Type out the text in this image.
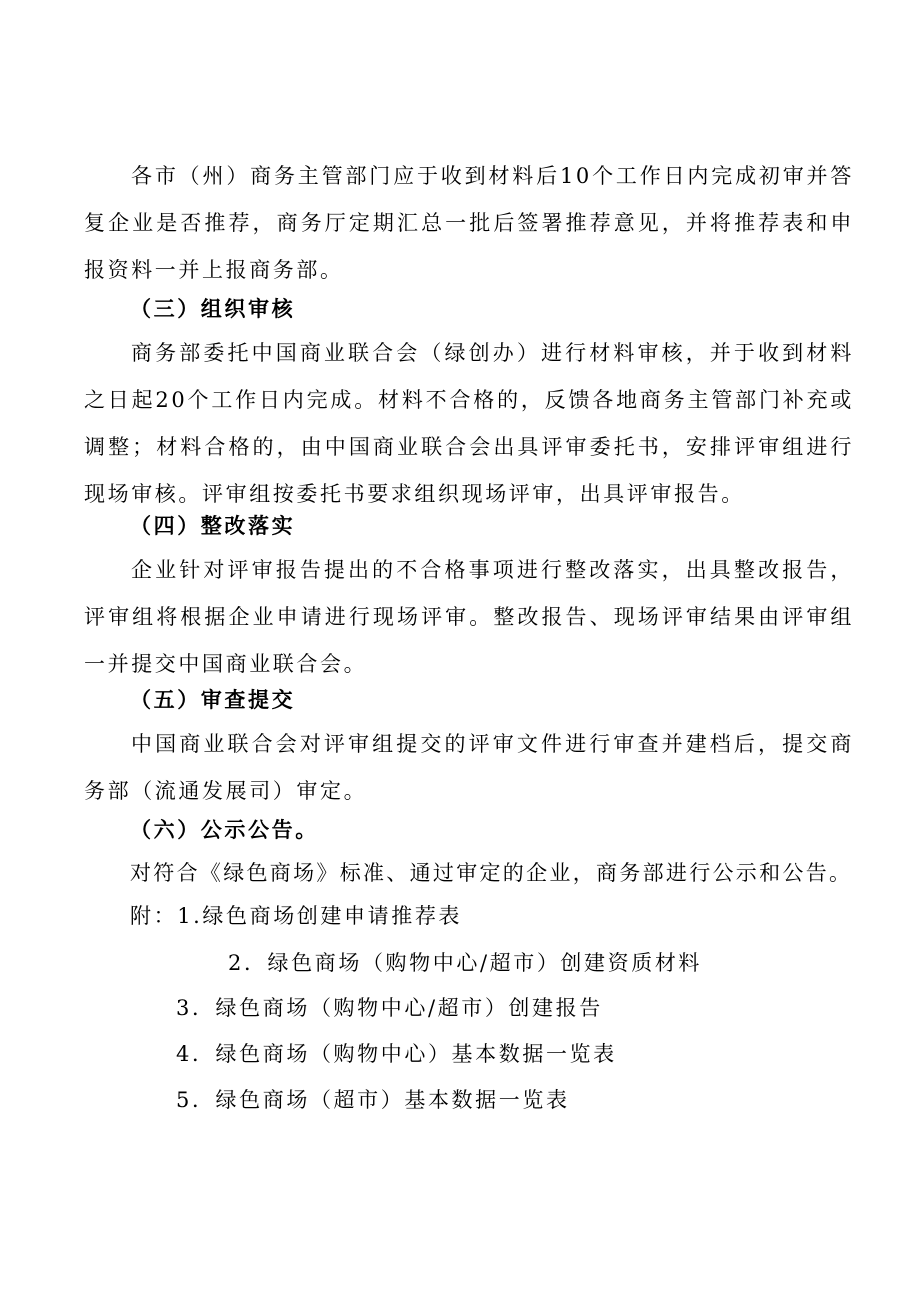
各市（州）商务主管部门应于收到材料后10个工作日内完成初审并答复企业是否推荐，商务厅定期汇总一批后签署推荐意见，并将推荐表和申报资料一并上报商务部。

（三）组织审核

商务部委托中国商业联合会（绿创办）进行材料审核，并于收到材料之日起20个工作日内完成。材料不合格的，反馈各地商务主管部门补充或调整；材料合格的，由中国商业联合会出具评审委托书，安排评审组进行现场审核。评审组按委托书要求组织现场评审，出具评审报告。

（四）整改落实

企业针对评审报告提出的不合格事项进行整改落实，出具整改报告，评审组将根据企业申请进行现场评审。整改报告、现场评审结果由评审组一并提交中国商业联合会。

（五）审查提交

中国商业联合会对评审组提交的评审文件进行审查并建档后，提交商务部（流通发展司）审定。

（六）公示公告。

对符合《绿色商场》标准、通过审定的企业，商务部进行公示和公告。

附：1.绿色商场创建申请推荐表

2．绿色商场（购物中心/超市）创建资质材料

3．绿色商场（购物中心/超市）创建报告

4．绿色商场（购物中心）基本数据一览表

5．绿色商场（超市）基本数据一览表
